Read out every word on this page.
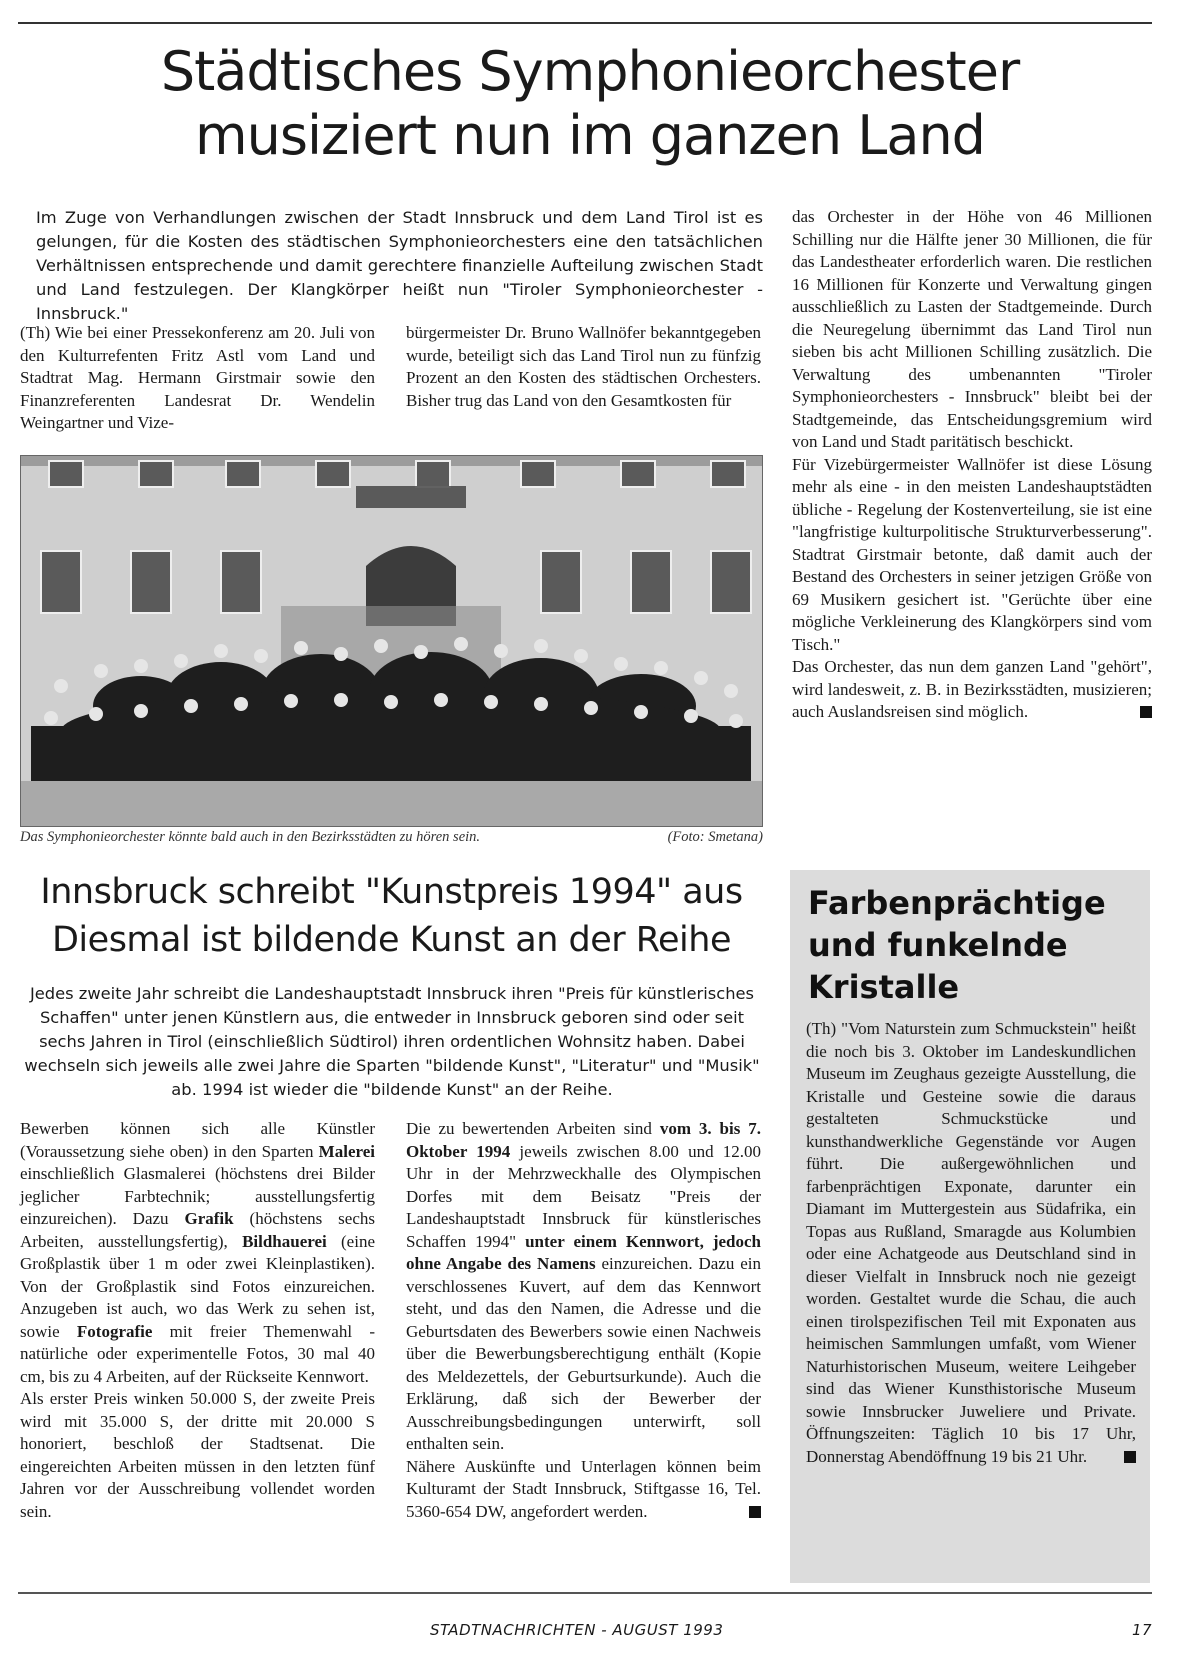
Städtisches Symphonieorchester musiziert nun im ganzen Land

Im Zuge von Verhandlungen zwischen der Stadt Innsbruck und dem Land Tirol ist es gelungen, für die Kosten des städtischen Symphonieorchesters eine den tatsächlichen Verhältnissen entsprechende und damit gerechtere finanzielle Aufteilung zwischen Stadt und Land festzulegen. Der Klangkörper heißt nun "Tiroler Symphonieorchester - Innsbruck."

(Th) Wie bei einer Pressekonferenz am 20. Juli von den Kulturrefenten Fritz Astl vom Land und Stadtrat Mag. Hermann Girstmair sowie den Finanzreferenten Landesrat Dr. Wendelin Weingartner und Vize-

bürgermeister Dr. Bruno Wallnöfer bekanntgegeben wurde, beteiligt sich das Land Tirol nun zu fünfzig Prozent an den Kosten des städtischen Orchesters. Bisher trug das Land von den Gesamtkosten für

das Orchester in der Höhe von 46 Millionen Schilling nur die Hälfte jener 30 Millionen, die für das Landestheater erforderlich waren. Die restlichen 16 Millionen für Konzerte und Verwaltung gingen ausschließlich zu Lasten der Stadtgemeinde. Durch die Neuregelung übernimmt das Land Tirol nun sieben bis acht Millionen Schilling zusätzlich. Die Verwaltung des umbenannten "Tiroler Symphonieorchesters - Innsbruck" bleibt bei der Stadtgemeinde, das Entscheidungsgremium wird von Land und Stadt paritätisch beschickt.

Für Vizebürgermeister Wallnöfer ist diese Lösung mehr als eine - in den meisten Landeshauptstädten übliche - Regelung der Kostenverteilung, sie ist eine "langfristige kulturpolitische Strukturverbesserung". Stadtrat Girstmair betonte, daß damit auch der Bestand des Orchesters in seiner jetzigen Größe von 69 Musikern gesichert ist. "Gerüchte über eine mögliche Verkleinerung des Klangkörpers sind vom Tisch."

Das Orchester, das nun dem ganzen Land "gehört", wird landesweit, z. B. in Bezirksstädten, musizieren; auch Auslandsreisen sind möglich.

Das Symphonieorchester könnte bald auch in den Bezirksstädten zu hören sein.	(Foto: Smetana)
Innsbruck schreibt "Kunstpreis 1994" aus Diesmal ist bildende Kunst an der Reihe

Jedes zweite Jahr schreibt die Landeshauptstadt Innsbruck ihren "Preis für künstlerisches Schaffen" unter jenen Künstlern aus, die entweder in Innsbruck geboren sind oder seit sechs Jahren in Tirol (einschließlich Südtirol) ihren ordentlichen Wohnsitz haben. Dabei wechseln sich jeweils alle zwei Jahre die Sparten "bildende Kunst", "Literatur" und "Musik" ab. 1994 ist wieder die "bildende Kunst" an der Reihe.

Bewerben können sich alle Künstler (Voraussetzung siehe oben) in den Sparten Malerei einschließlich Glasmalerei (höchstens drei Bilder jeglicher Farbtechnik; ausstellungsfertig einzureichen). Dazu Grafik (höchstens sechs Arbeiten, ausstellungsfertig), Bildhauerei (eine Großplastik über 1 m oder zwei Kleinplastiken). Von der Großplastik sind Fotos einzureichen. Anzugeben ist auch, wo das Werk zu sehen ist, sowie Fotografie mit freier Themenwahl - natürliche oder experimentelle Fotos, 30 mal 40 cm, bis zu 4 Arbeiten, auf der Rückseite Kennwort.

Als erster Preis winken 50.000 S, der zweite Preis wird mit 35.000 S, der dritte mit 20.000 S honoriert, beschloß der Stadtsenat. Die eingereichten Arbeiten müssen in den letzten fünf Jahren vor der Ausschreibung vollendet worden sein.

Die zu bewertenden Arbeiten sind vom 3. bis 7. Oktober 1994 jeweils zwischen 8.00 und 12.00 Uhr in der Mehrzweckhalle des Olympischen Dorfes mit dem Beisatz "Preis der Landeshauptstadt Innsbruck für künstlerisches Schaffen 1994" unter einem Kennwort, jedoch ohne Angabe des Namens einzureichen. Dazu ein verschlossenes Kuvert, auf dem das Kennwort steht, und das den Namen, die Adresse und die Geburtsdaten des Bewerbers sowie einen Nachweis über die Bewerbungsberechtigung enthält (Kopie des Meldezettels, der Geburtsurkunde). Auch die Erklärung, daß sich der Bewerber der Ausschreibungsbedingungen unterwirft, soll enthalten sein.

Nähere Auskünfte und Unterlagen können beim Kulturamt der Stadt Innsbruck, Stiftgasse 16, Tel. 5360-654 DW, angefordert werden.

Farbenprächtige und funkelnde Kristalle

(Th) "Vom Naturstein zum Schmuckstein" heißt die noch bis 3. Oktober im Landeskundlichen Museum im Zeughaus gezeigte Ausstellung, die Kristalle und Gesteine sowie die daraus gestalteten Schmuckstücke und kunsthandwerkliche Gegenstände vor Augen führt. Die außergewöhnlichen und farbenprächtigen Exponate, darunter ein Diamant im Muttergestein aus Südafrika, ein Topas aus Rußland, Smaragde aus Kolumbien oder eine Achatgeode aus Deutschland sind in dieser Vielfalt in Innsbruck noch nie gezeigt worden. Gestaltet wurde die Schau, die auch einen tirolspezifischen Teil mit Exponaten aus heimischen Sammlungen umfaßt, vom Wiener Naturhistorischen Museum, weitere Leihgeber sind das Wiener Kunsthistorische Museum sowie Innsbrucker Juweliere und Private. Öffnungszeiten: Täglich 10 bis 17 Uhr, Donnerstag Abendöffnung 19 bis 21 Uhr.

STADTNACHRICHTEN - AUGUST 1993	17
